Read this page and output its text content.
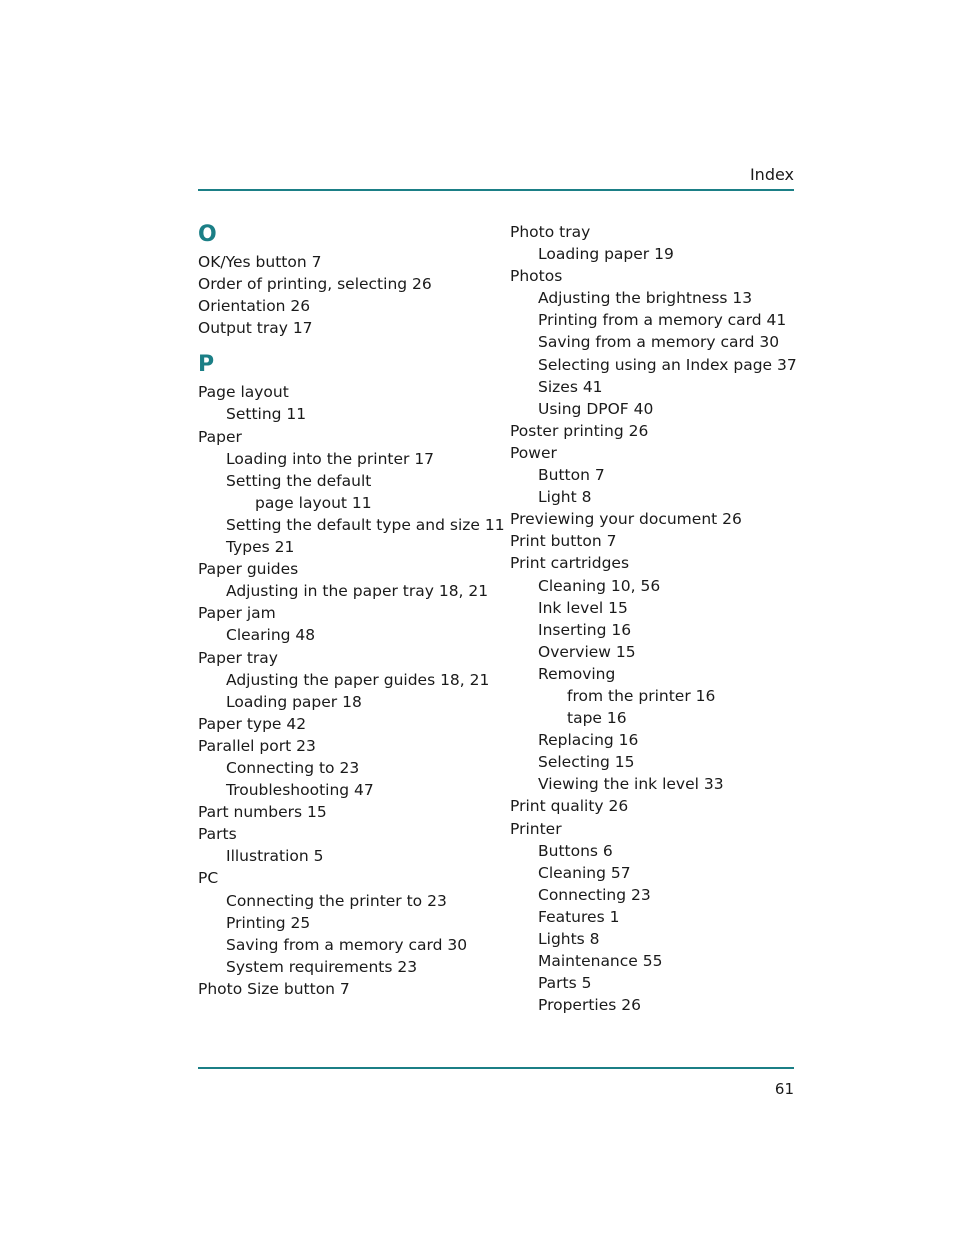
Index
O
OK/Yes button 7
Order of printing, selecting 26
Orientation 26
Output tray 17
P
Page layout
Setting 11
Paper
Loading into the printer 17
Setting the default
page layout 11
Setting the default type and size 11
Types 21
Paper guides
Adjusting in the paper tray 18, 21
Paper jam
Clearing 48
Paper tray
Adjusting the paper guides 18, 21
Loading paper 18
Paper type 42
Parallel port 23
Connecting to 23
Troubleshooting 47
Part numbers 15
Parts
Illustration 5
PC
Connecting the printer to 23
Printing 25
Saving from a memory card 30
System requirements 23
Photo Size button 7
Photo tray
Loading paper 19
Photos
Adjusting the brightness 13
Printing from a memory card 41
Saving from a memory card 30
Selecting using an Index page 37
Sizes 41
Using DPOF 40
Poster printing 26
Power
Button 7
Light 8
Previewing your document 26
Print button 7
Print cartridges
Cleaning 10, 56
Ink level 15
Inserting 16
Overview 15
Removing
from the printer 16
tape 16
Replacing 16
Selecting 15
Viewing the ink level 33
Print quality 26
Printer
Buttons 6
Cleaning 57
Connecting 23
Features 1
Lights 8
Maintenance 55
Parts 5
Properties 26
61
